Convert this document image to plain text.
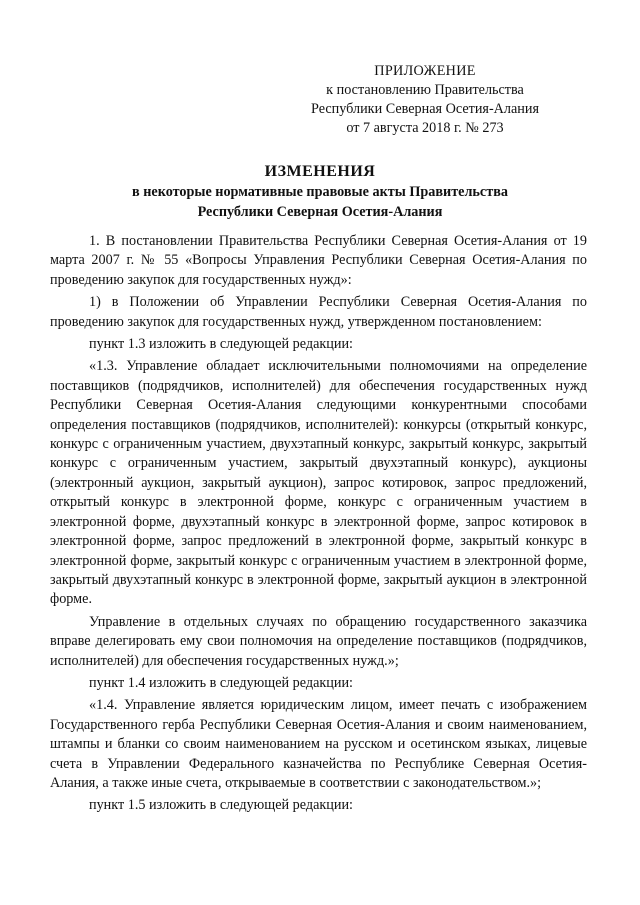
ПРИЛОЖЕНИЕ
к постановлению Правительства
Республики Северная Осетия-Алания
от 7 августа 2018 г. № 273
ИЗМЕНЕНИЯ
в некоторые нормативные правовые акты Правительства
Республики Северная Осетия-Алания

1. В постановлении Правительства Республики Северная Осетия-Алания от 19 марта 2007 г. № 55 «Вопросы Управления Республики Северная Осетия-Алания по проведению закупок для государственных нужд»:

1) в Положении об Управлении Республики Северная Осетия-Алания по проведению закупок для государственных нужд, утвержденном постановлением:

пункт 1.3 изложить в следующей редакции:

«1.3. Управление обладает исключительными полномочиями на определение поставщиков (подрядчиков, исполнителей) для обеспечения государственных нужд Республики Северная Осетия-Алания следующими конкурентными способами определения поставщиков (подрядчиков, исполнителей): конкурсы (открытый конкурс, конкурс с ограниченным участием, двухэтапный конкурс, закрытый конкурс, закрытый конкурс с ограниченным участием, закрытый двухэтапный конкурс), аукционы (электронный аукцион, закрытый аукцион), запрос котировок, запрос предложений, открытый конкурс в электронной форме, конкурс с ограниченным участием в электронной форме, двухэтапный конкурс в электронной форме, запрос котировок в электронной форме, запрос предложений в электронной форме, закрытый конкурс в электронной форме, закрытый конкурс с ограниченным участием в электронной форме, закрытый двухэтапный конкурс в электронной форме, закрытый аукцион в электронной форме.

Управление в отдельных случаях по обращению государственного заказчика вправе делегировать ему свои полномочия на определение поставщиков (подрядчиков, исполнителей) для обеспечения государственных нужд.»;

пункт 1.4 изложить в следующей редакции:

«1.4. Управление является юридическим лицом, имеет печать с изображением Государственного герба Республики Северная Осетия-Алания и своим наименованием, штампы и бланки со своим наименованием на русском и осетинском языках, лицевые счета в Управлении Федерального казначейства по Республике Северная Осетия-Алания, а также иные счета, открываемые в соответствии с законодательством.»;

пункт 1.5 изложить в следующей редакции:
